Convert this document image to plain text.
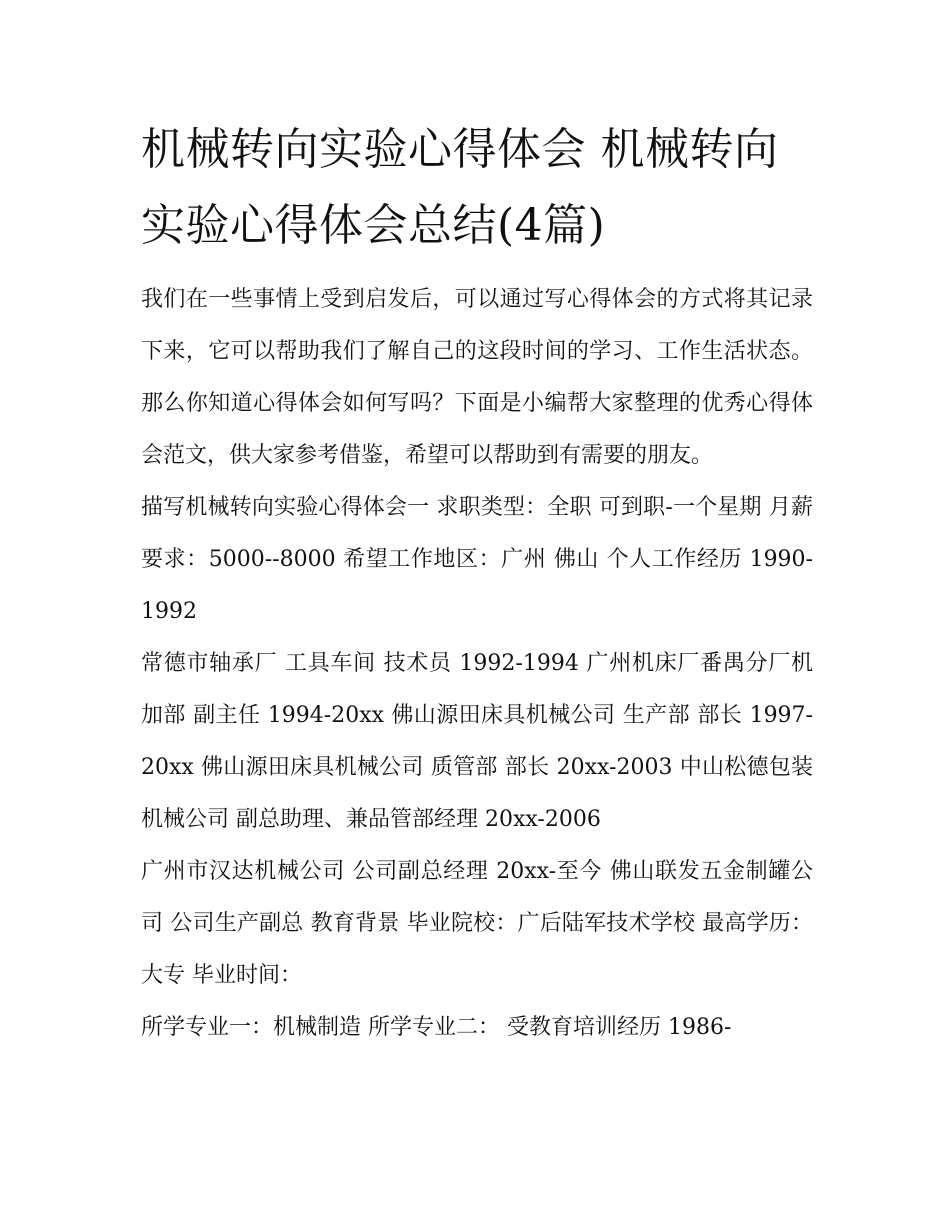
机械转向实验心得体会 机械转向实验心得体会总结(4篇)

我们在一些事情上受到启发后，可以通过写心得体会的方式将其记录下来，它可以帮助我们了解自己的这段时间的学习、工作生活状态。那么你知道心得体会如何写吗？下面是小编帮大家整理的优秀心得体会范文，供大家参考借鉴，希望可以帮助到有需要的朋友。

描写机械转向实验心得体会一 求职类型：全职 可到职-一个星期 月薪要求：5000--8000 希望工作地区：广州 佛山 个人工作经历 1990-1992

常德市轴承厂 工具车间 技术员 1992-1994 广州机床厂番禺分厂机加部 副主任 1994-20xx 佛山源田床具机械公司 生产部 部长 1997-20xx 佛山源田床具机械公司 质管部 部长 20xx-2003 中山松德包装机械公司 副总助理、兼品管部经理 20xx-2006

广州市汉达机械公司 公司副总经理 20xx-至今 佛山联发五金制罐公司 公司生产副总 教育背景 毕业院校：广后陆军技术学校 最高学历：大专 毕业时间：

所学专业一：机械制造 所学专业二： 受教育培训经历 1986-
